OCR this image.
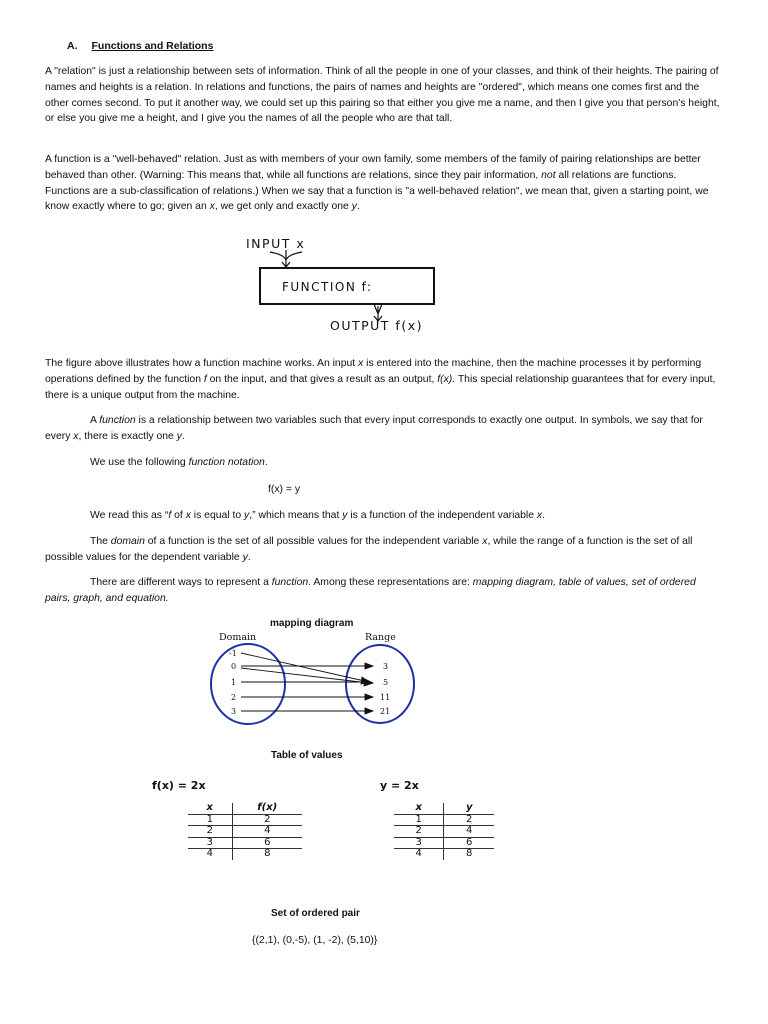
A. Functions and Relations

A "relation" is just a relationship between sets of information. Think of all the people in one of your classes, and think of their heights. The pairing of names and heights is a relation. In relations and functions, the pairs of names and heights are "ordered", which means one comes first and the other comes second. To put it another way, we could set up this pairing so that either you give me a name, and then I give you that person's height, or else you give me a height, and I give you the names of all the people who are that tall.

A function is a "well-behaved" relation. Just as with members of your own family, some members of the family of pairing relationships are better behaved than other. (Warning: This means that, while all functions are relations, since they pair information, not all relations are functions. Functions are a sub-classification of relations.) When we say that a function is "a well-behaved relation", we mean that, given a starting point, we know exactly where to go; given an x, we get only and exactly one y.

INPUT x
FUNCTION f:
OUTPUT f(x)

The figure above illustrates how a function machine works. An input x is entered into the machine, then the machine processes it by performing operations defined by the function f on the input, and that gives a result as an output, f(x). This special relationship guarantees that for every input, there is a unique output from the machine.

A function is a relationship between two variables such that every input corresponds to exactly one output. In symbols, we say that for every x, there is exactly one y.

We use the following function notation.

f(x) = y

We read this as “f of x is equal to y,” which means that y is a function of the independent variable x.

The domain of a function is the set of all possible values for the independent variable x, while the range of a function is the set of all possible values for the dependent variable y.

There are different ways to represent a function. Among these representations are: mapping diagram, table of values, set of ordered pairs, graph, and equation.

mapping diagram
Domain	Range
-1
0
1
2
3
3
5
11
21
Table of values
f(x) = 2x
x	f(x)
1	2
2	4
3	6
4	8
y = 2x
x	y
1	2
2	4
3	6
4	8
Set of ordered pair
{(2,1), (0,-5), (1, -2), (5,10)}
